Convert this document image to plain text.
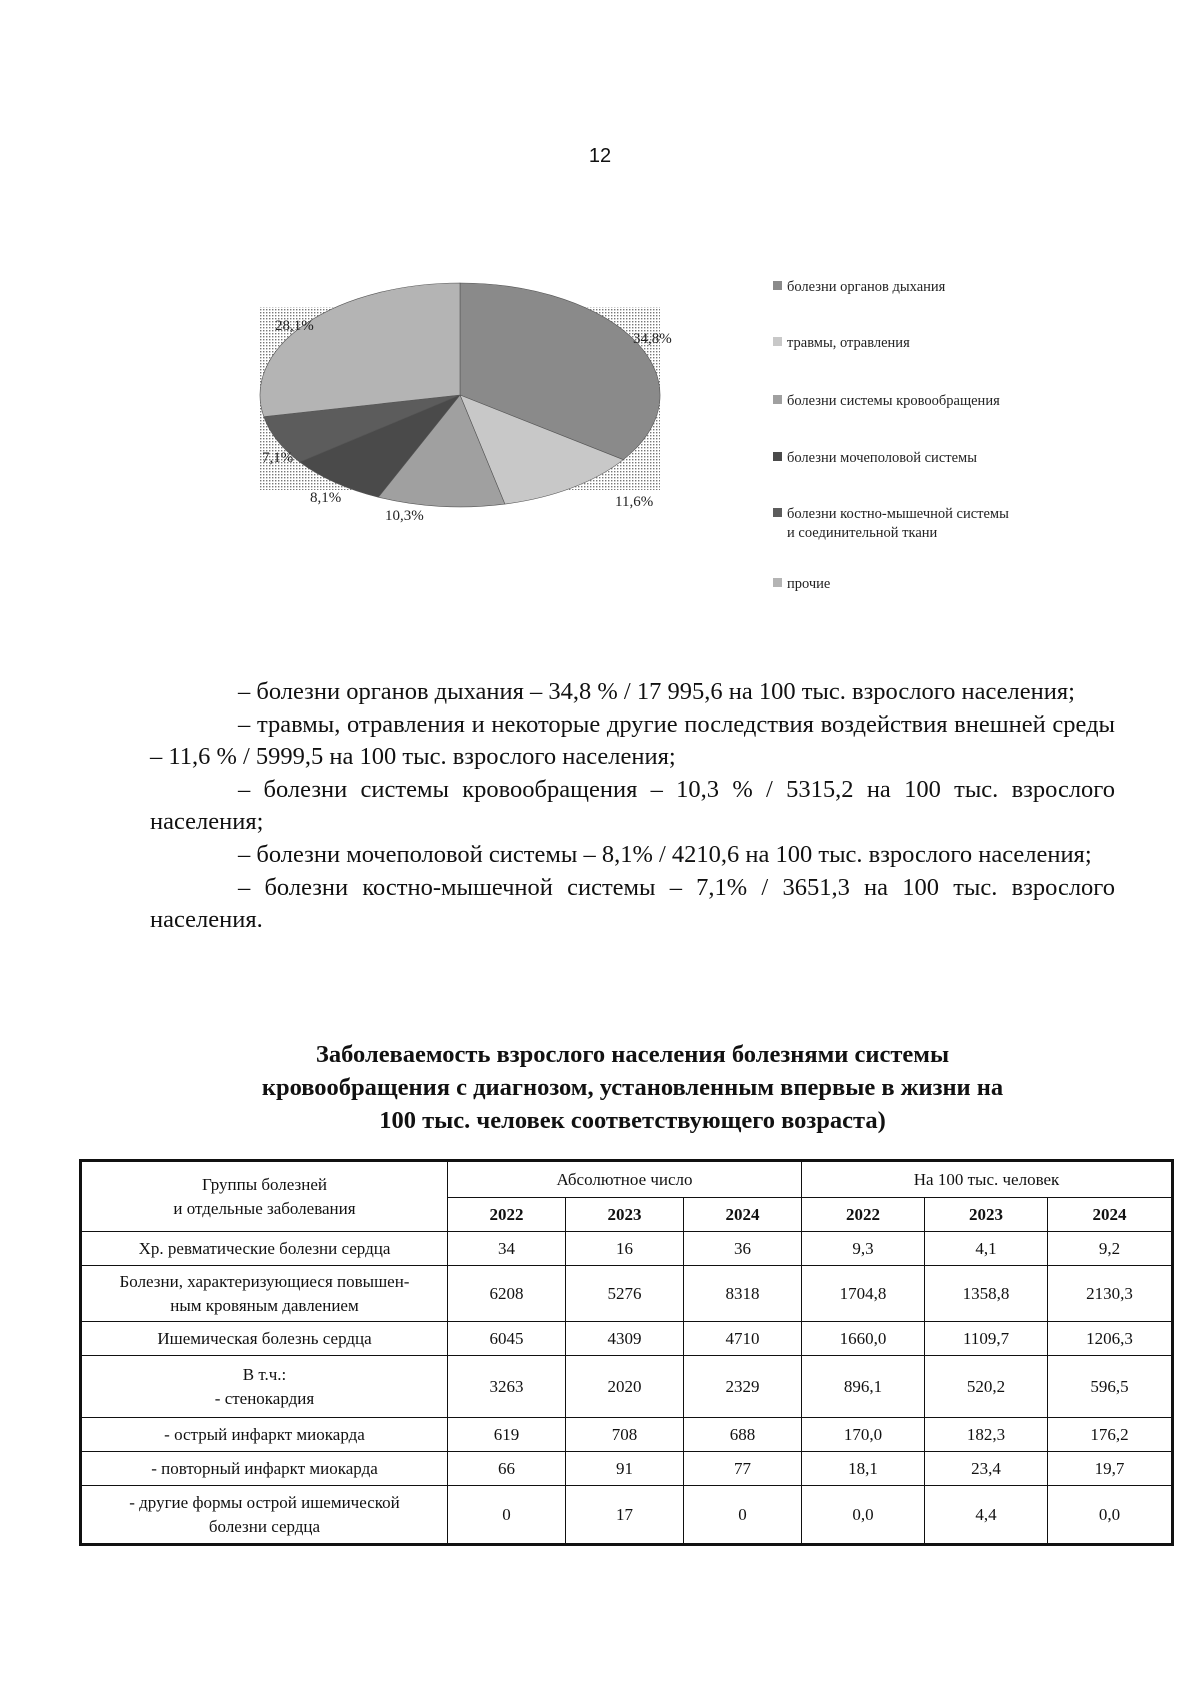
12
34,8%
11,6%
10,3%
8,1%
7,1%
28,1%
болезни органов дыхания
травмы, отравления
болезни системы кровообращения
болезни мочеполовой системы
болезни костно-мышечной системы
и соединительной ткани
прочие

– болезни органов дыхания – 34,8 % / 17 995,6 на 100 тыс. взрослого населения;

– травмы, отравления и некоторые другие последствия воздействия внешней среды – 11,6 % / 5999,5 на 100 тыс. взрослого населения;

– болезни системы кровообращения – 10,3 % / 5315,2 на 100 тыс. взрослого населения;

– болезни мочеполовой системы – 8,1% / 4210,6 на 100 тыс. взрослого населения;

– болезни костно-мышечной системы – 7,1% / 3651,3 на 100 тыс. взрослого населения.

Заболеваемость взрослого населения болезнями системы
кровообращения с диагнозом, установленным впервые в жизни на
100 тыс. человек соответствующего возраста)
Группы болезней
и отдельные заболевания	Абсолютное число			На 100 тыс. человек		
	2022	2023	2024	2022	2023	2024

Хр. ревматические болезни сердца	34	16	36	9,3	4,1	9,2

Болезни, характеризующиеся повышен-
ным кровяным давлением	6208	5276	8318	1704,8	1358,8	2130,3

Ишемическая болезнь сердца	6045	4309	4710	1660,0	1109,7	1206,3

В т.ч.:
- стенокардия	3263	2020	2329	896,1	520,2	596,5

- острый инфаркт миокарда	619	708	688	170,0	182,3	176,2

- повторный инфаркт миокарда	66	91	77	18,1	23,4	19,7

- другие формы острой ишемической
болезни сердца	0	17	0	0,0	4,4	0,0
